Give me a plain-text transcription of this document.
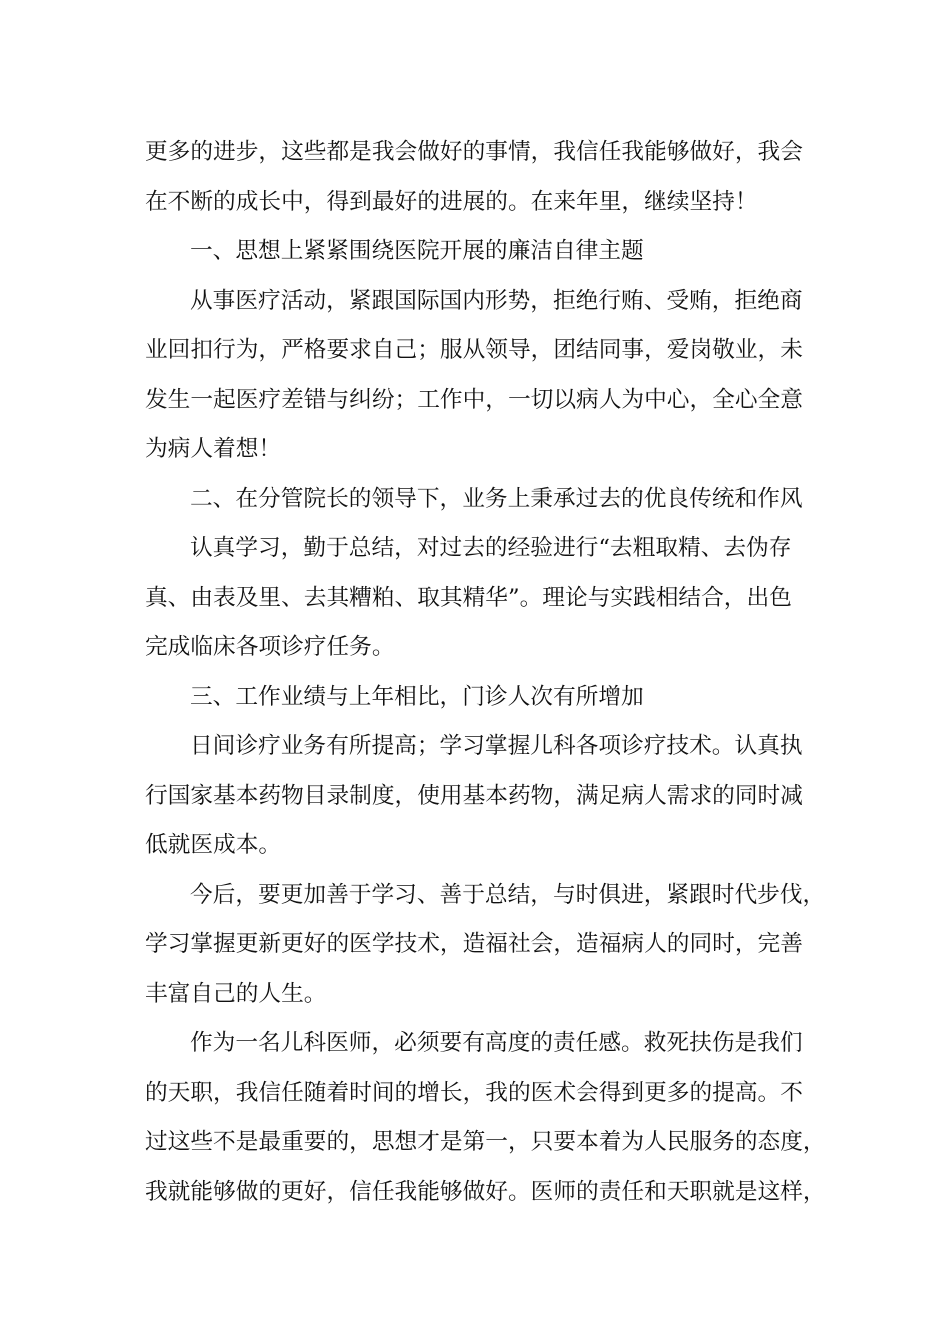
更多的进步，这些都是我会做好的事情，我信任我能够做好，我会
在不断的成长中，得到最好的进展的。在来年里，继续坚持！
一、思想上紧紧围绕医院开展的廉洁自律主题
从事医疗活动，紧跟国际国内形势，拒绝行贿、受贿，拒绝商
业回扣行为，严格要求自己；服从领导，团结同事，爱岗敬业，未
发生一起医疗差错与纠纷；工作中，一切以病人为中心，全心全意
为病人着想！
二、在分管院长的领导下，业务上秉承过去的优良传统和作风
认真学习，勤于总结，对过去的经验进行“去粗取精、去伪存
真、由表及里、去其糟粕、取其精华”。理论与实践相结合，出色
完成临床各项诊疗任务。
三、工作业绩与上年相比，门诊人次有所增加
日间诊疗业务有所提高；学习掌握儿科各项诊疗技术。认真执
行国家基本药物目录制度，使用基本药物，满足病人需求的同时减
低就医成本。
今后，要更加善于学习、善于总结，与时俱进，紧跟时代步伐，
学习掌握更新更好的医学技术，造福社会，造福病人的同时，完善
丰富自己的人生。
作为一名儿科医师，必须要有高度的责任感。救死扶伤是我们
的天职，我信任随着时间的增长，我的医术会得到更多的提高。不
过这些不是最重要的，思想才是第一，只要本着为人民服务的态度，
我就能够做的更好，信任我能够做好。医师的责任和天职就是这样，
